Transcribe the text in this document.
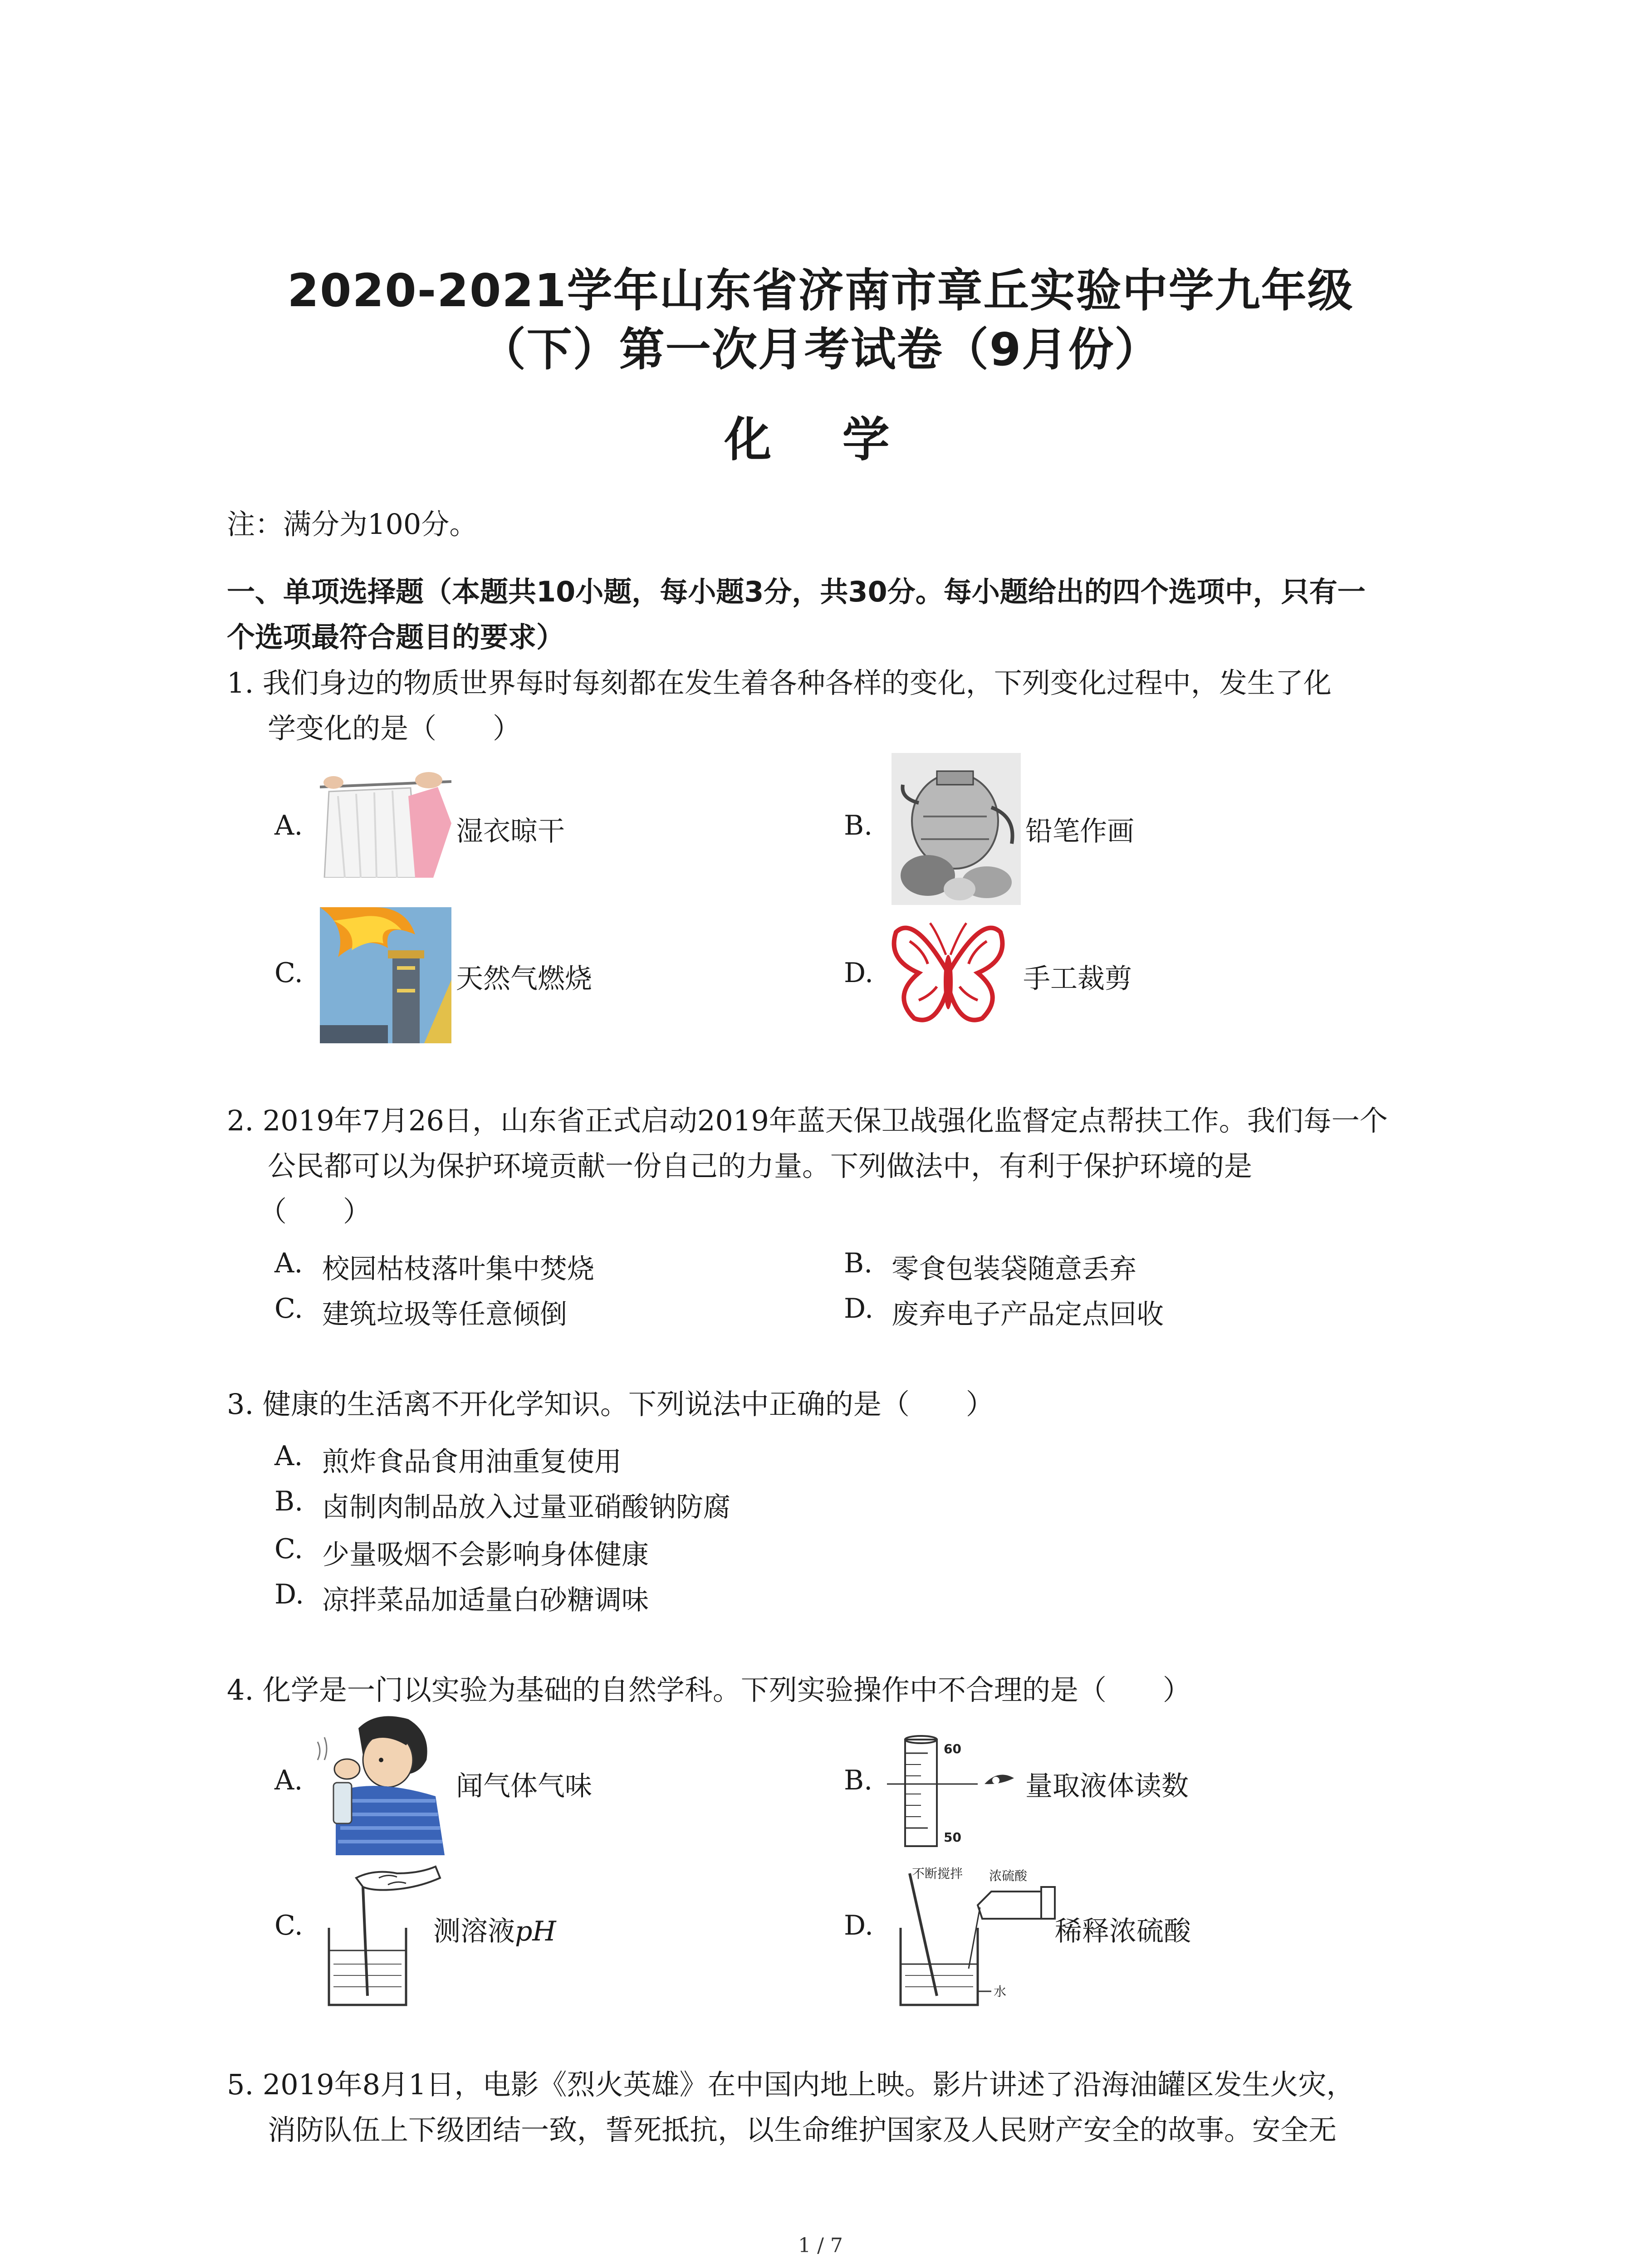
2020-2021学年山东省济南市章丘实验中学九年级
（下）第一次月考试卷（9月份）
化 学
注：满分为100分。
一、单项选择题（本题共10小题，每小题3分，共30分。每小题给出的四个选项中，只有一
个选项最符合题目的要求）
1. 我们身边的物质世界每时每刻都在发生着各种各样的变化，下列变化过程中，发生了化
学变化的是（　　）
A.	湿衣晾干	B.	铅笔作画
C.	天然气燃烧	D.	手工裁剪
2. 2019年7月26日，山东省正式启动2019年蓝天保卫战强化监督定点帮扶工作。我们每一个
公民都可以为保护环境贡献一份自己的力量。下列做法中，有利于保护环境的是
（　　）
A. 校园枯枝落叶集中焚烧	B. 零食包装袋随意丢弃
C. 建筑垃圾等任意倾倒	D. 废弃电子产品定点回收
3. 健康的生活离不开化学知识。下列说法中正确的是（　　）
A. 煎炸食品食用油重复使用
B. 卤制肉制品放入过量亚硝酸钠防腐
C. 少量吸烟不会影响身体健康
D. 凉拌菜品加适量白砂糖调味
4. 化学是一门以实验为基础的自然学科。下列实验操作中不合理的是（　　）
A.	闻气体气味	B.
60
50
量取液体读数
C.	测溶液pH	D.
不断搅拌 浓硫酸
水
稀释浓硫酸
5. 2019年8月1日，电影《烈火英雄》在中国内地上映。影片讲述了沿海油罐区发生火灾，
消防队伍上下级团结一致，誓死抵抗，以生命维护国家及人民财产安全的故事。安全无
1 / 7
